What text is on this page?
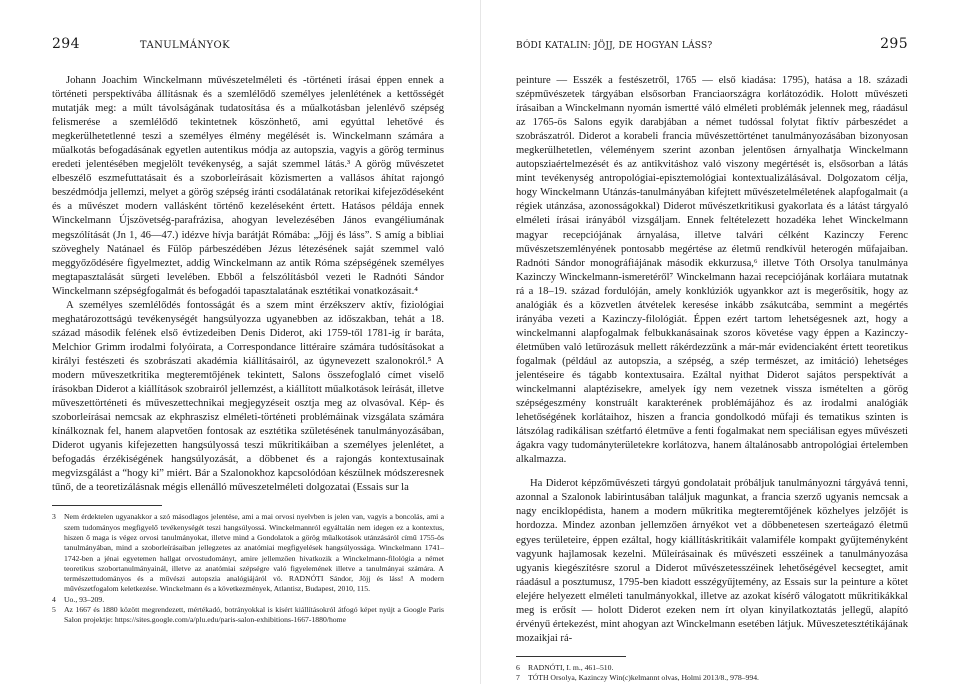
294	TANULMÁNYOK

Johann Joachim Winckelmann művészetelméleti és -történeti írásai éppen ennek a történeti perspektívába állításnak és a szemlélődő személyes jelenlétének a kettősségét mutatják meg: a múlt távolságának tudatosítása és a műalkotásban jelenlévő szépség felismerése a szemlélődő tekintetnek köszönhető, ami egyúttal lehetővé és megkerülhetetlenné teszi a személyes élmény megélését is. Winckelmann számára a műalkotás befogadásának egyetlen autentikus módja az autopszia, vagyis a görög terminus eredeti jelentésében megjelölt tevékenység, a saját szemmel látás.³ A görög művészetet elbeszélő eszmefuttatásait és a szoborleírásait közismerten a vallásos áhítat rajongó beszédmódja jellemzi, melyet a görög szépség iránti csodálatának retorikai kifejeződéseként és a művészet modern vallásként történő kezeléseként értett. Hatásos példája ennek Winckelmann Újszövetség-parafrázisa, ahogyan levelezésében János evangéliumának megszólítását (Jn 1, 46—47.) idézve hívja barátját Rómába: „Jöjj és láss”. S amíg a bibliai szöveghely Natánael és Fülöp párbeszédében Jézus létezésének saját szemmel való meggyőződésére figyelmeztet, addig Winckelmann az antik Róma szépségének személyes megtapasztalását sürgeti levelében. Ebből a felszólításból vezeti le Radnóti Sándor Winckelmann szépségfogalmát és befogadói tapasztalatának esztétikai vonatkozásait.⁴

A személyes szemlélődés fontosságát és a szem mint érzékszerv aktív, fiziológiai meghatározottságú tevékenységét hangsúlyozza ugyanebben az időszakban, tehát a 18. század második felének első évtizedeiben Denis Diderot, aki 1759-től 1781-ig ír baráta, Melchior Grimm irodalmi folyóirata, a Correspondance littéraire számára tudósításokat a királyi festészeti és szobrászati akadémia kiállításairól, az úgynevezett szalonokról.⁵ A modern műveszetkritika megteremtőjének tekintett, Salons összefoglaló címet viselő írásokban Diderot a kiállítások szobrairól jellemzést, a kiállított műalkotások leírását, illetve műveszettörténeti és műveszettechnikai megjegyzéseit osztja meg az olvasóval. Kép- és szoborleírásai nemcsak az ekphraszisz elméleti-történeti problémáinak vizsgálata számára kínálkoznak fel, hanem alapvetően fontosak az esztétika születésének tanulmányozásában, Diderot ugyanis kifejezetten hangsúlyossá teszi műkritikáiban a személyes jelenlétet, a befogadás érzékiségének hangsúlyozását, a döbbenet és a rajongás kontextusainak megvizsgálást a “hogy ki” miért. Bár a Szalonokhoz kapcsolódóan készülnek módszeresnek tűnő, de a teoretizálásnak mégis ellenálló műveszetelméleti dolgozatai (Essais sur la

3	Nem érdektelen ugyanakkor a szó másodlagos jelentése, ami a mai orvosi nyelvben is jelen van, vagyis a boncolás, ami a szem tudományos megfigyelő tevékenységét teszi hangsúlyossá. Winckelmannról egyáltalán nem idegen ez a kontextus, hiszen ő maga is végez orvosi tanulmányokat, illetve mind a Gondolatok a görög műalkotások utánzásáról című 1755-ös tanulmányában, mind a szoborleírásaiban jellegzetes az anatómiai megfigyelések hangsúlyossága. Winckelmann 1741–1742-ben a jénai egyetemen hallgat orvostudományt, amire jellemzően hivatkozik a Winckelmann-filológia a német teoretikus szobortanulmányainál, illetve az anatómiai szépségre való figyelemének illetve a tanulmányai számára. A természettudományos és a művészi autopszia analógiájáról vö. RADNÓTI Sándor, Jöjj és láss! A modern művészetfogalom keletkezése. Winckelmann és a következmények, Atlantisz, Budapest, 2010, 115.
4	Uo., 93–209.
5	Az 1667 és 1880 között megrendezett, mértékadó, botrányokkal is kísért kiállításokról átfogó képet nyújt a Google Paris Salon projektje: https://sites.google.com/a/plu.edu/paris-salon-exhibitions-1667-1880/home
BÓDI KATALIN: JÖJJ, DE HOGYAN LÁSS?	295

peinture — Esszék a festészetről, 1765 — első kiadása: 1795), hatása a 18. századi szépművészetek tárgyában elsősorban Franciaországra korlátozódik. Holott művészeti írásaiban a Winckelmann nyomán ismertté váló elméleti problémák jelennek meg, ráadásul az 1765-ös Salons egyik darabjában a német tudóssal folytat fiktív párbeszédet a szobrászatról. Diderot a korabeli francia művészettörténet tanulmányozásában bizonyosan megkerülhetetlen, véleményem szerint azonban jelentősen árnyalhatja Winckelmann autopsziaértelmezését és az antikvitáshoz való viszony megértését is, elsősorban a látás mint tevékenység antropológiai-episztemológiai kontextualizálásával. Dolgozatom célja, hogy Winckelmann Utánzás-tanulmányában kifejtett művészetelméletének alapfogalmait (a régiek utánzása, azonosságokkal) Diderot művészetkritikusi gyakorlata és a látást tárgyaló elméleti írásai irányából vizsgáljam. Ennek feltételezett hozadéka lehet Winckelmann magyar recepciójának árnyalása, illetve talvári célként Kazinczy Ferenc művészetszemlényének pontosabb megértése az életmű rendkívül heterogén műfajaiban. Radnóti Sándor monográfiájának második ekkurzusa,⁶ illetve Tóth Orsolya tanulmánya Kazinczy Winckelmann-ismeretéről⁷ Winckelmann hazai recepciójának korláiara mutatnak rá a 18–19. század fordulóján, amely konklúziók ugyankkor azt is megerősítik, hogy az analógiák és a közvetlen átvételek keresése inkább zsákutcába, semmint a megértés irányába vezeti a Kazinczy-filológiát. Éppen ezért tartom lehetségesnek azt, hogy a winckelmanni alapfogalmak felbukkanásainak szoros követése vagy éppen a Kazinczy-életműben való letűrozásuk mellett rákérdezzünk a már-már evidenciaként értett teoretikus fogalmak (például az autopszia, a szépség, a szép természet, az imitáció) lehetséges jelentéseire és tágabb kontextusaira. Ezáltal nyithat Diderot sajátos perspektívát a winckelmanni alaptézisekre, amelyek így nem vezetnek vissza ismételten a görög szépségeszmény konstruált karakterének problémájához és az irodalmi analógiák lehetőségének korlátaihoz, hiszen a francia gondolkodó műfaji és tematikus szinten is látszólag radikálisan szétfartó életműve a fenti fogalmakat nem speciálisan egyes művészeti ágakra vagy tudományterületekre korlátozva, hanem általánosabb antropológiai értelemben alkalmazza.

Ha Diderot képzőművészeti tárgyú gondolatait próbáljuk tanulmányozni tárgyává tenni, azonnal a Szalonok labirintusában találjuk magunkat, a francia szerző ugyanis nemcsak a nagy enciklopédista, hanem a modern műkritika megteremtőjének közhelyes jelzőjét is hordozza. Mindez azonban jellemzően árnyékot vet a döbbenetesen szerteágazó életmű egyes területeire, éppen ezáltal, hogy kiállításkritikáit valamiféle kompakt gyűjteményként vagyunk hajlamosak kezelni. Műleírásainak és művészeti esszéinek a tanulmányozása ugyanis kiegészítésre szorul a Diderot művészetesszéinek lehetőségével kecsegtet, amit ráadásul a posztumusz, 1795-ben kiadott esszégyűjtemény, az Essais sur la peinture a kötet elejére helyezett elméleti tanulmányokkal, illetve az azokat kísérő válogatott műkritikákkal meg is erősít — holott Diderot ezeken nem írt olyan kinyilatkoztatás jellegű, alapító érvényű értekezést, mint ahogyan azt Winckelmann esetében látjuk. Műveszetesztétikájának mozaikjai rá-

6	RADNÓTI, I. m., 461–510.
7	TÓTH Orsolya, Kazinczy Win(c)kelmannt olvas, Holmi 2013/8., 978–994.
